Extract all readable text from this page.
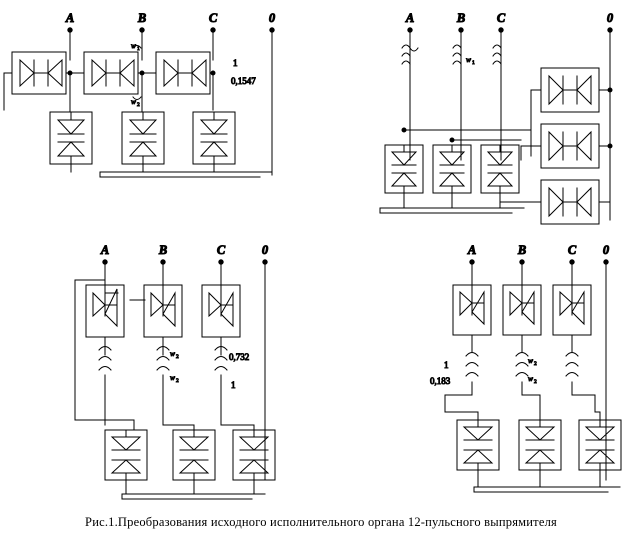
A	B	C	0
w 1
w 2
1
0,1547
A	B	C	0
w 1
A	B	C	0
w 2
w 2
0,732
1
A	B	C 0
1
0,183
w 2
w 2
Рис.1.Преобразования исходного исполнительного органа 12-пульсного выпрямителя
